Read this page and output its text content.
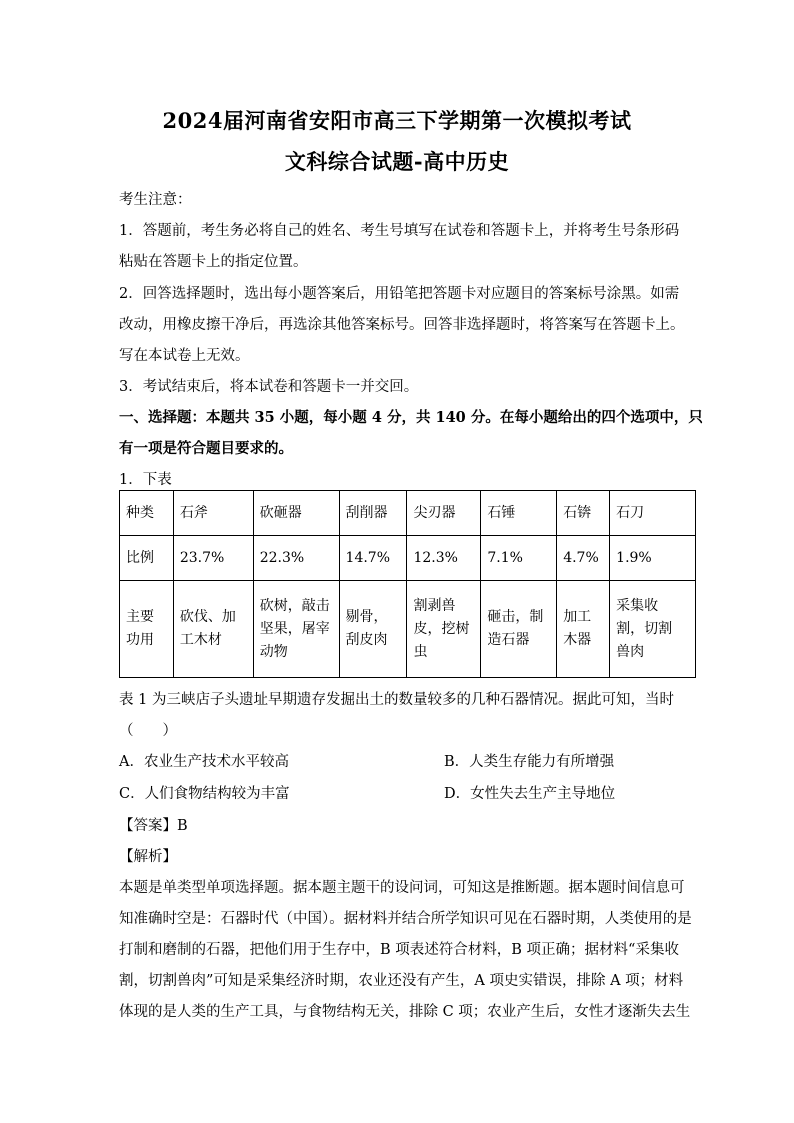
2024届河南省安阳市高三下学期第一次模拟考试
文科综合试题-高中历史
考生注意：
1．答题前，考生务必将自己的姓名、考生号填写在试卷和答题卡上，并将考生号条形码
粘贴在答题卡上的指定位置。
2．回答选择题时，选出每小题答案后，用铅笔把答题卡对应题目的答案标号涂黑。如需
改动，用橡皮擦干净后，再选涂其他答案标号。回答非选择题时，将答案写在答题卡上。
写在本试卷上无效。
3．考试结束后，将本试卷和答题卡一并交回。
一、选择题：本题共 35 小题，每小题 4 分，共 140 分。在每小题给出的四个选项中，只
有一项是符合题目要求的。
1．下表
种类	石斧	砍砸器	刮削器	尖刃器	石锤	石锛	石刀
比例	23.7%	22.3%	14.7%	12.3%	7.1%	4.7%	1.9%

主要
功用	砍伐、加
工木材	砍树，敲击
坚果，屠宰
动物	剔骨，
刮皮肉	割剥兽
皮，挖树
虫	砸击，制
造石器	加工
木器	采集收
割，切割
兽肉
表 1 为三峡店子头遗址早期遗存发掘出土的数量较多的几种石器情况。据此可知，当时
（　　）
A．农业生产技术水平较高	B．人类生存能力有所增强
C．人们食物结构较为丰富	D．女性失去生产主导地位
【答案】B
【解析】
本题是单类型单项选择题。据本题主题干的设问词，可知这是推断题。据本题时间信息可
知准确时空是：石器时代（中国）。据材料并结合所学知识可见在石器时期，人类使用的是
打制和磨制的石器，把他们用于生存中，B 项表述符合材料，B 项正确；据材料“采集收
割，切割兽肉”可知是采集经济时期，农业还没有产生，A 项史实错误，排除 A 项；材料
体现的是人类的生产工具，与食物结构无关，排除 C 项；农业产生后，女性才逐渐失去生
